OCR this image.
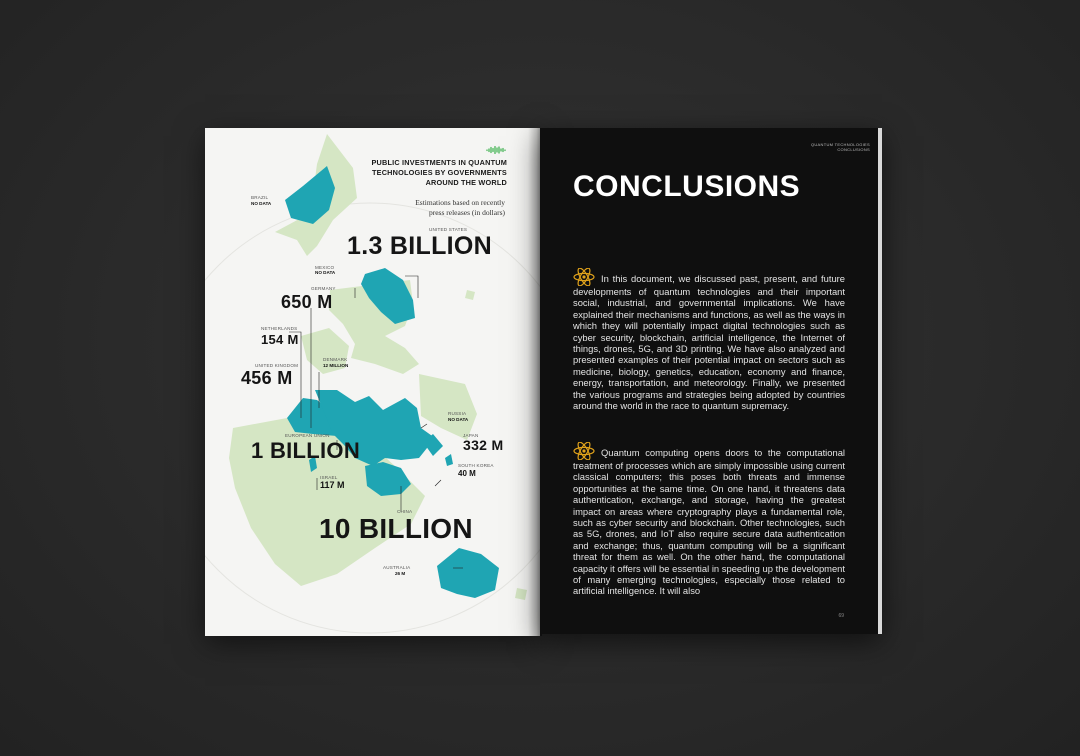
PUBLIC INVESTMENTS IN QUANTUM
TECHNOLOGIES BY GOVERNMENTS
AROUND THE WORLD

Estimations based on recently
press releases (in dollars)

BRAZIL

NO DATA

UNITED STATES

1.3 BILLION

MEXICO

NO DATA

GERMANY

650 M

NETHERLANDS

154 M

DENMARK

12 MILLION

UNITED KINGDOM

456 M

RUSSIA

NO DATA

JAPAN

332 M

EUROPEAN UNION

1 BILLION

SOUTH KOREA

40 M

ISRAEL

117 M

CHINA

10 BILLION

AUSTRALIA

26 M

QUANTUM TECHNOLOGIES
CONCLUSIONS
CONCLUSIONS

In this document, we discussed past, present, and future developments of quantum technologies and their important social, industrial, and governmental implications. We have explained their mechanisms and functions, as well as the ways in which they will potentially impact digital technologies such as cyber security, blockchain, artificial intelligence, the Internet of things, drones, 5G, and 3D printing. We have also analyzed and presented examples of their potential impact on sectors such as medicine, biology, genetics, education, economy and finance, energy, transportation, and meteorology. Finally, we presented the various programs and strategies being adopted by countries around the world in the race to quantum supremacy.

Quantum computing opens doors to the computational treatment of processes which are simply impossible using current classical computers; this poses both threats and immense opportunities at the same time. On one hand, it threatens data authentication, exchange, and storage, having the greatest impact on areas where cryptography plays a fundamental role, such as cyber security and blockchain. Other technologies, such as 5G, drones, and IoT also require secure data authentication and exchange; thus, quantum computing will be a significant threat for them as well. On the other hand, the computational capacity it offers will be essential in speeding up the development of many emerging technologies, especially those related to artificial intelligence. It will also

69
